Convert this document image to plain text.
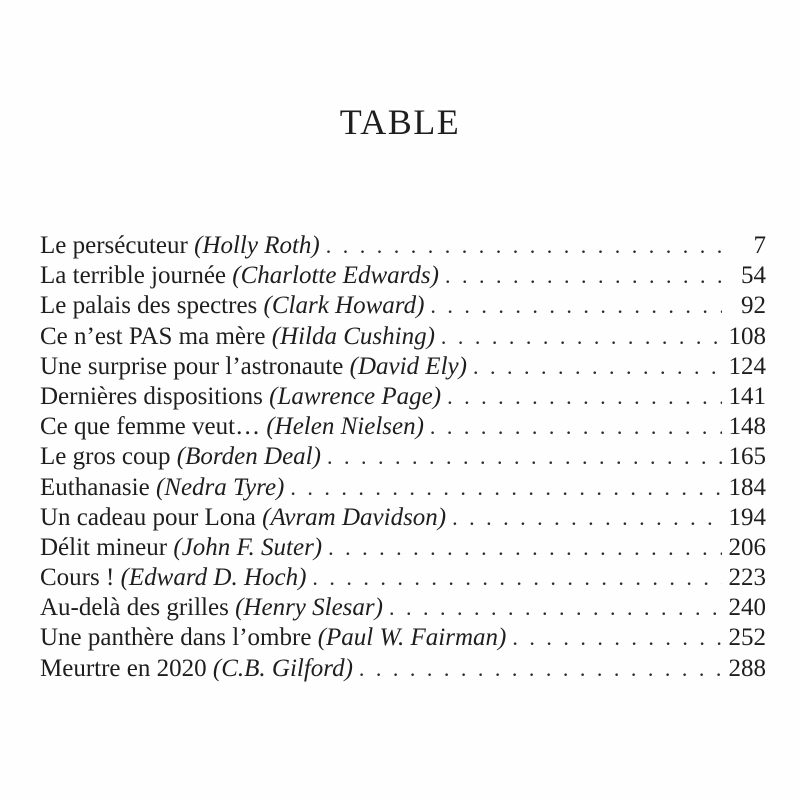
TABLE
Le persécuteur (Holly Roth) . . .	7
La terrible journée (Charlotte Edwards) . . .	54
Le palais des spectres (Clark Howard) . . .	92
Ce n’est PAS ma mère (Hilda Cushing) . . .	108
Une surprise pour l’astronaute (David Ely) . . .	124
Dernières dispositions (Lawrence Page) . . .	141
Ce que femme veut… (Helen Nielsen) . . .	148
Le gros coup (Borden Deal) . . .	165
Euthanasie (Nedra Tyre) . . .	184
Un cadeau pour Lona (Avram Davidson) . . .	194
Délit mineur (John F. Suter) . . .	206
Cours ! (Edward D. Hoch) . . .	223
Au-delà des grilles (Henry Slesar) . . .	240
Une panthère dans l’ombre (Paul W. Fairman) . . .	252
Meurtre en 2020 (C.B. Gilford) . . .	288
